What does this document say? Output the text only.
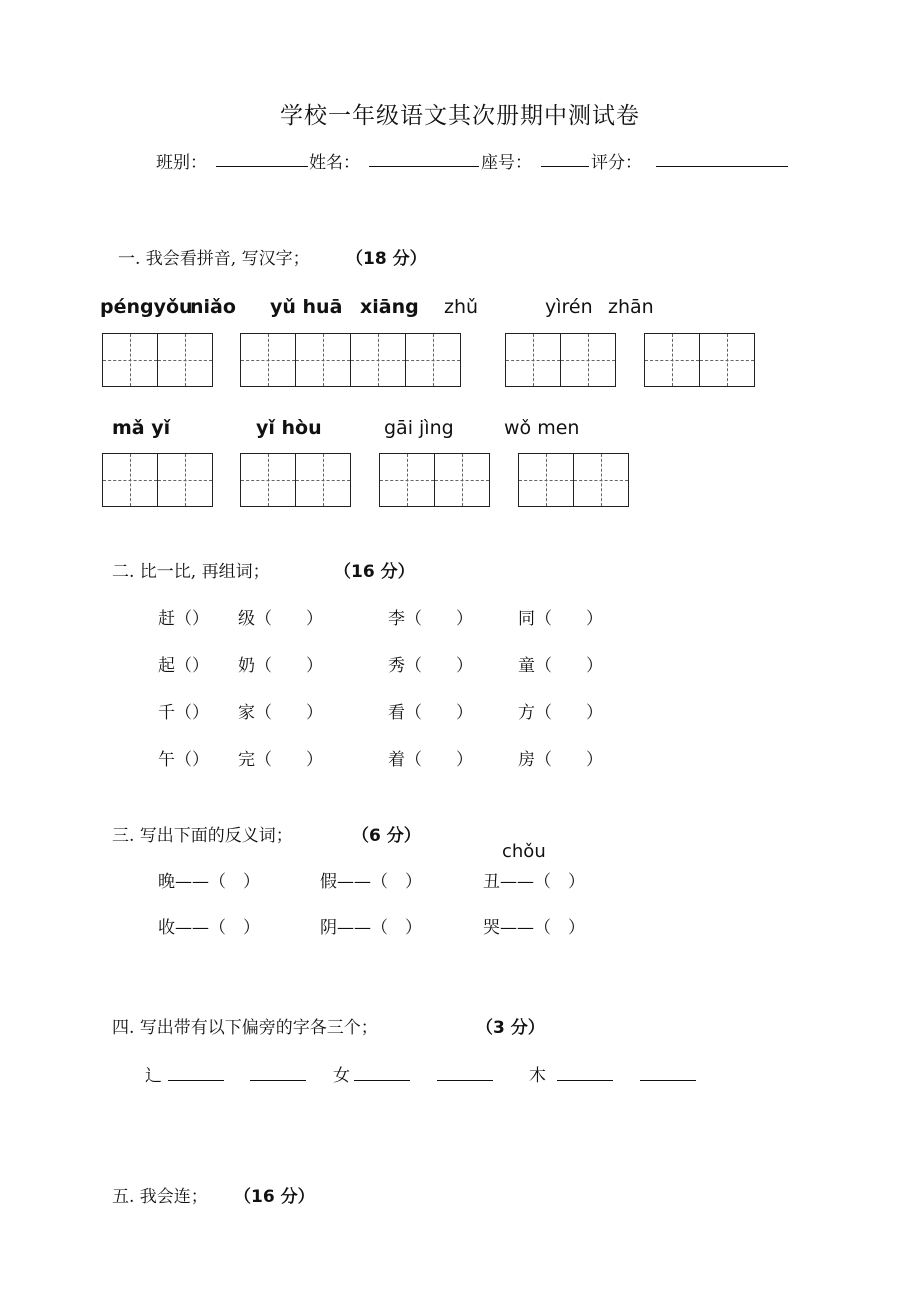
学校一年级语文其次册期中测试卷
班别：	姓名：	座号：	评分：
一. 我会看拼音, 写汉字； （18 分）
péngyǒu
niǎo yǔ huā xiāng zhǔ	yìrén zhān
mǎ yǐ	yǐ hòu	gāi jìng	wǒ men
二. 比一比, 再组词；	（16 分）
赶（） 级（　　）	李（　　）	同（　　）
起（） 奶（　　）	秀（　　）	童（　　）
千（） 家（　　）	看（　　）	方（　　）
午（） 完（　　）	着（　　）	房（　　）
三. 写出下面的反义词；	（6 分）
chǒu
晚——（　）	假——（　）	丑——（　）
收——（　）	阴——（　）	哭——（　）
四. 写出带有以下偏旁的字各三个；	（3 分）
辶	女	木
五. 我会连； （16 分）
